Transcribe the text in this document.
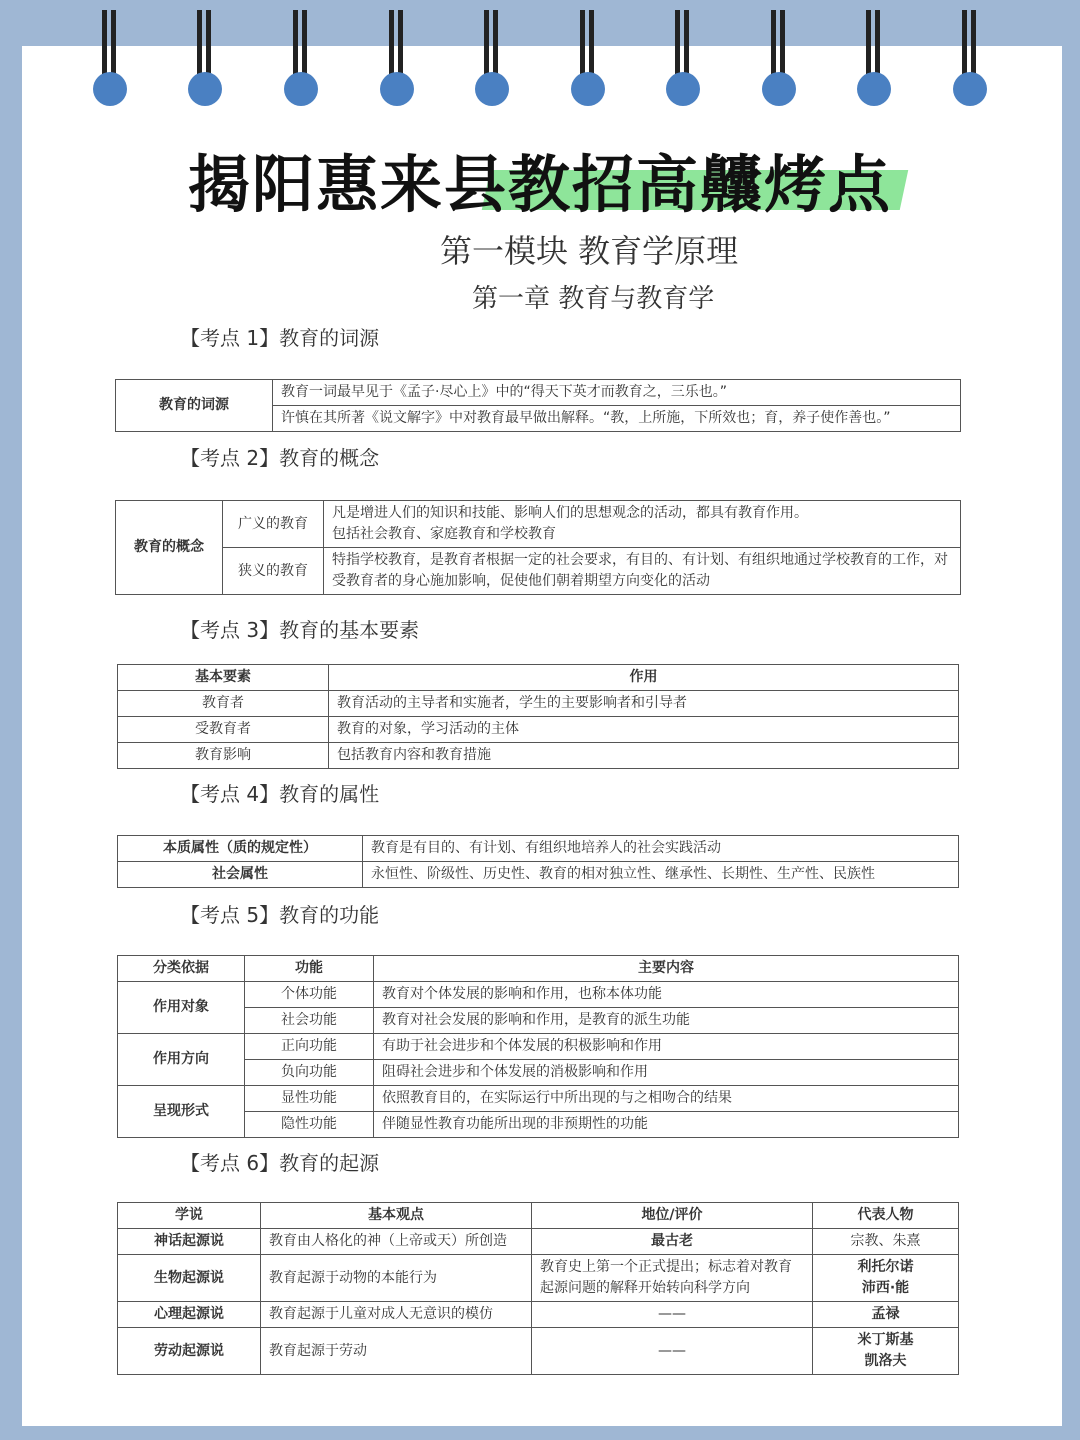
揭阳惠来县教招高齉烤点
第一模块 教育学原理
第一章 教育与教育学
【考点 1】教育的词源
教育的词源	教育一词最早见于《孟子·尽心上》中的“得天下英才而教育之，三乐也。”
许慎在其所著《说文解字》中对教育最早做出解释。“教，上所施，下所效也；育，养子使作善也。”
【考点 2】教育的概念
教育的概念	广义的教育	凡是增进人们的知识和技能、影响人们的思想观念的活动，都具有教育作用。
包括社会教育、家庭教育和学校教育
	狭义的教育	特指学校教育，是教育者根据一定的社会要求，有目的、有计划、有组织地通过学校教育的工作，对受教育者的身心施加影响，促使他们朝着期望方向变化的活动
【考点 3】教育的基本要素
基本要素	作用
教育者	教育活动的主导者和实施者，学生的主要影响者和引导者
受教育者	教育的对象，学习活动的主体
教育影响	包括教育内容和教育措施
【考点 4】教育的属性
本质属性（质的规定性）	教育是有目的、有计划、有组织地培养人的社会实践活动
社会属性	永恒性、阶级性、历史性、教育的相对独立性、继承性、长期性、生产性、民族性
【考点 5】教育的功能
分类依据	功能	主要内容
作用对象	个体功能	教育对个体发展的影响和作用，也称本体功能
	社会功能	教育对社会发展的影响和作用，是教育的派生功能
作用方向	正向功能	有助于社会进步和个体发展的积极影响和作用
	负向功能	阻碍社会进步和个体发展的消极影响和作用
呈现形式	显性功能	依照教育目的，在实际运行中所出现的与之相吻合的结果
	隐性功能	伴随显性教育功能所出现的非预期性的功能
【考点 6】教育的起源
学说	基本观点	地位/评价	代表人物
神话起源说	教育由人格化的神（上帝或天）所创造	最古老	宗教、朱熹
生物起源说	教育起源于动物的本能行为	教育史上第一个正式提出；标志着对教育起源问题的解释开始转向科学方向	利托尔诺
沛西·能
心理起源说	教育起源于儿童对成人无意识的模仿	——	孟禄
劳动起源说	教育起源于劳动	——	米丁斯基
凯洛夫
